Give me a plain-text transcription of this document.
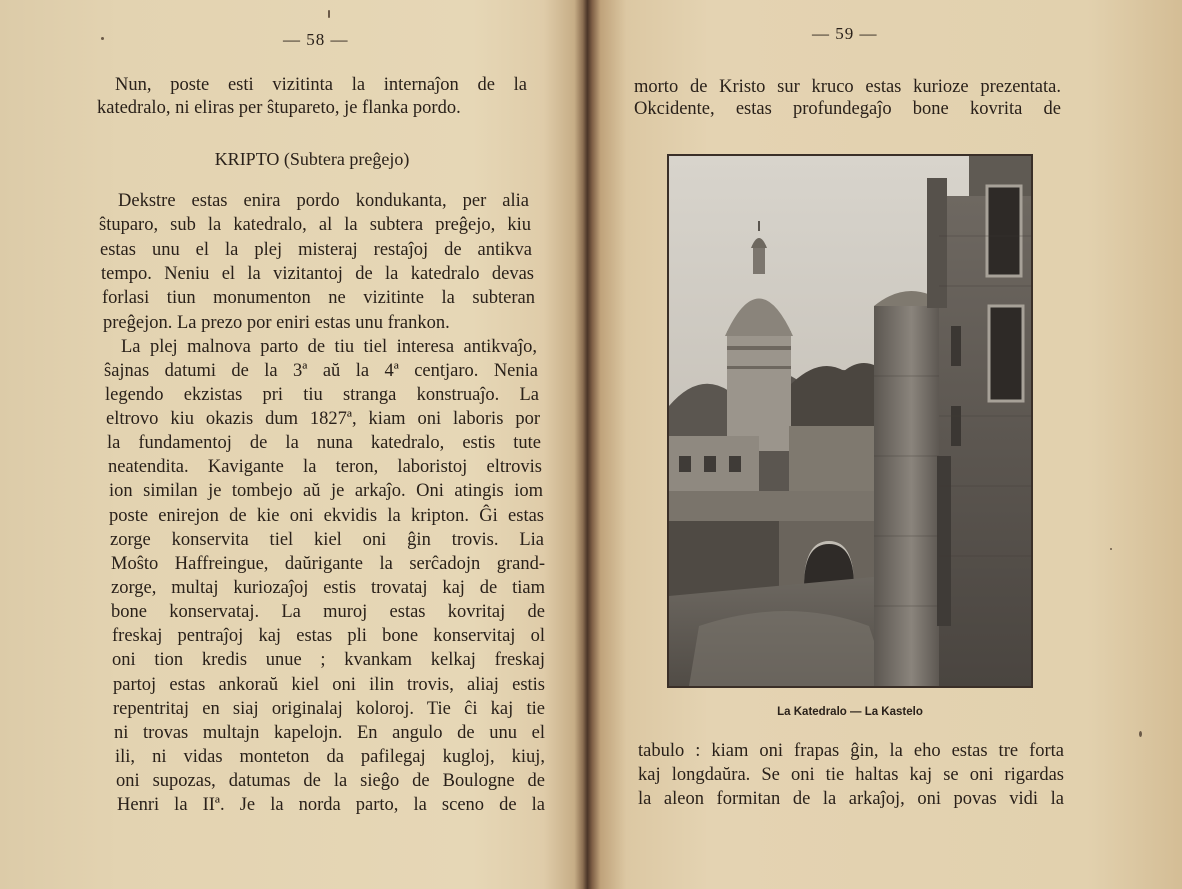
— 58 —
Nun, poste esti vizitinta la internaĵon de la
katedralo, ni eliras per ŝtupareto, je flanka pordo.
KRIPTO (Subtera preĝejo)
Dekstre estas enira pordo kondukanta, per alia
ŝtuparo, sub la katedralo, al la subtera preĝejo, kiu
estas unu el la plej misteraj restaĵoj de antikva
tempo. Neniu el la vizitantoj de la katedralo devas
forlasi tiun monumenton ne vizitinte la subteran
preĝejon. La prezo por eniri estas unu frankon.
La plej malnova parto de tiu tiel interesa antikvaĵo,
ŝajnas datumi de la 3ª aŭ la 4ª centjaro. Nenia
legendo ekzistas pri tiu stranga konstruaĵo. La
eltrovo kiu okazis dum 1827ª, kiam oni laboris por
la fundamentoj de la nuna katedralo, estis tute
neatendita. Kavigante la teron, laboristoj eltrovis
ion similan je tombejo aŭ je arkaĵo. Oni atingis iom
poste enirejon de kie oni ekvidis la kripton. Ĝi estas
zorge konservita tiel kiel oni ĝin trovis. Lia
Moŝto Haffreingue, daŭrigante la serĉadojn grand-
zorge, multaj kuriozaĵoj estis trovataj kaj de tiam
bone konservataj. La muroj estas kovritaj de
freskaj pentraĵoj kaj estas pli bone konservitaj ol
oni tion kredis unue ; kvankam kelkaj freskaj
partoj estas ankoraŭ kiel oni ilin trovis, aliaj estis
repentritaj en siaj originalaj koloroj. Tie ĉi kaj tie
ni trovas multajn kapelojn. En angulo de unu el
ili, ni vidas monteton da pafilegaj kugloj, kiuj,
oni supozas, datumas de la sieĝo de Boulogne de
Henri la IIª. Je la norda parto, la sceno de la
— 59 —
morto de Kristo sur kruco estas kurioze prezentata.
Okcidente, estas profundegaĵo bone kovrita de
La Katedralo — La Kastelo
tabulo : kiam oni frapas ĝin, la eho estas tre forta
kaj longdaŭra. Se oni tie haltas kaj se oni rigardas
la aleon formitan de la arkaĵoj, oni povas vidi la
